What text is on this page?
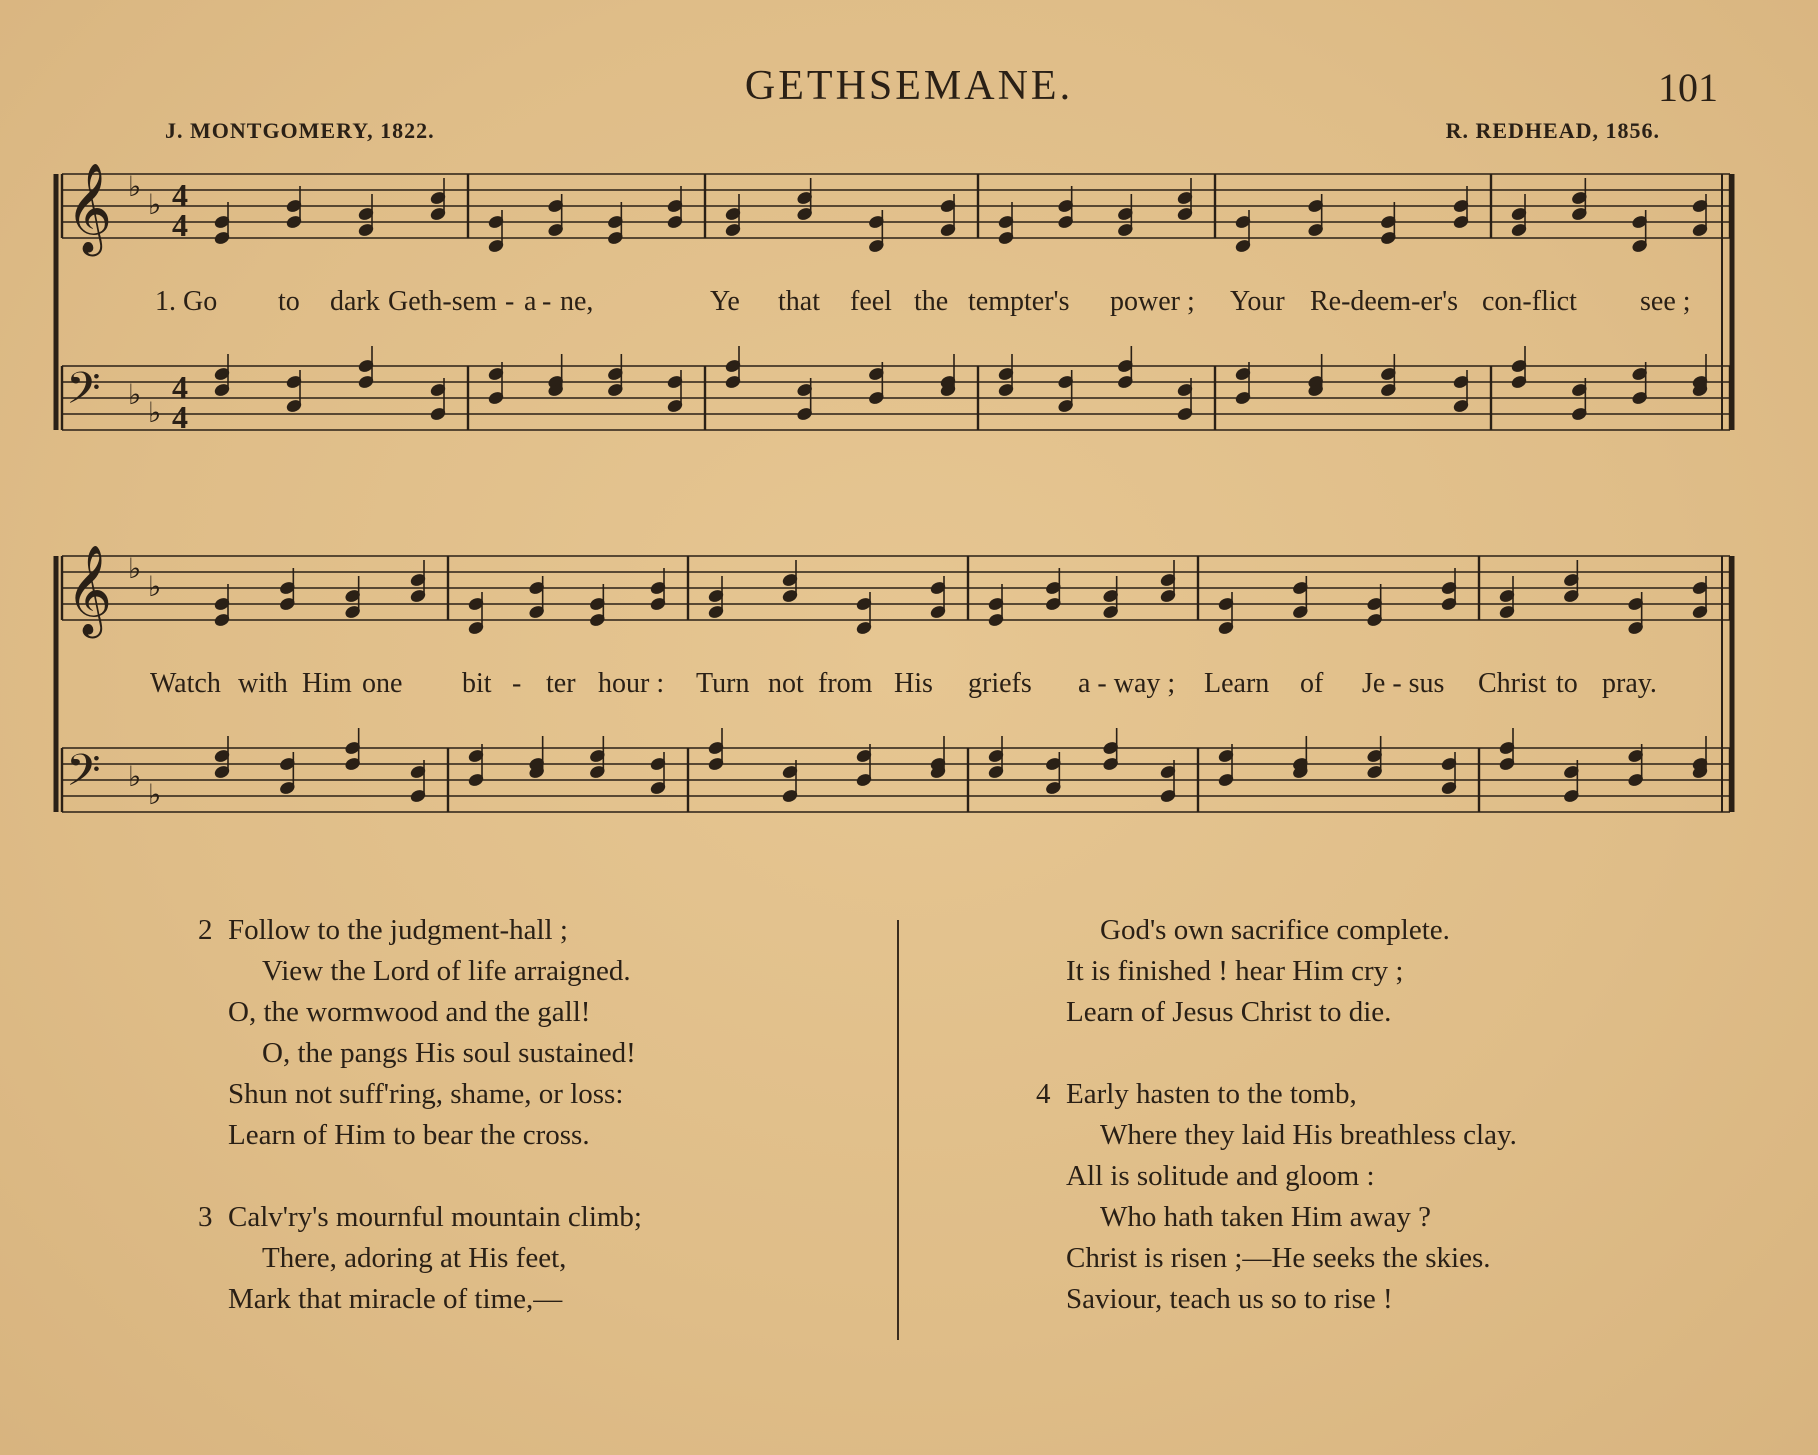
GETHSEMANE.	101
J. MONTGOMERY, 1822.	R. REDHEAD, 1856.
𝄞
𝄢
♭
♭
♭
♭
4
4
4
4
𝄞
𝄢
♭
♭
♭
♭
1. Go to dark Geth-sem - a - ne,	Ye that feel the tempter's power ; Your Re-deem-er's con-flict see ;
Watch with Him one bit - ter hour : Turn not from His griefs a - way ; Learn of Je - sus Christ to pray.
2 Follow to the judgment-hall ;
View the Lord of life arraigned.
O, the wormwood and the gall!
O, the pangs His soul sustained!
Shun not suff'ring, shame, or loss:
Learn of Him to bear the cross.
3 Calv'ry's mournful mountain climb;
There, adoring at His feet,
Mark that miracle of time,—
God's own sacrifice complete.
It is finished ! hear Him cry ;
Learn of Jesus Christ to die.
4 Early hasten to the tomb,
Where they laid His breathless clay.
All is solitude and gloom :
Who hath taken Him away ?
Christ is risen ;—He seeks the skies.
Saviour, teach us so to rise !
